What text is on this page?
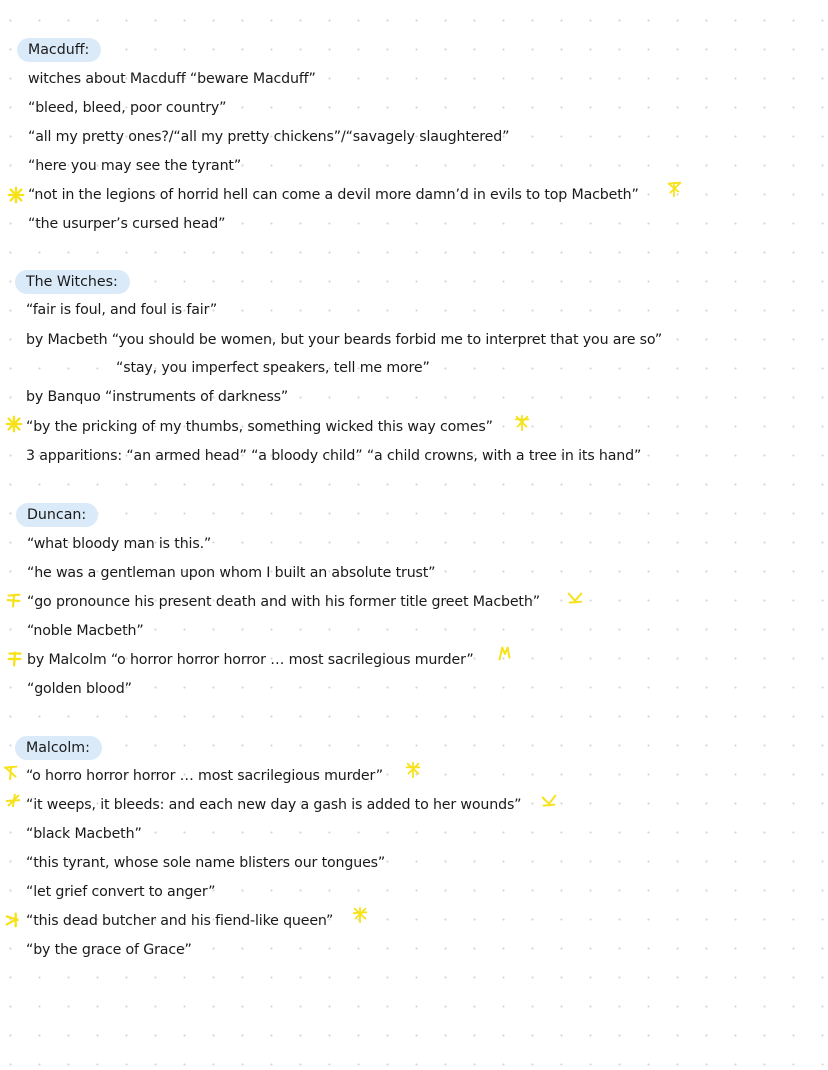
Macduff:
witches about Macduff “beware Macduff”
“bleed, bleed, poor country”
“all my pretty ones?/“all my pretty chickens”/“savagely slaughtered”
“here you may see the tyrant”
“not in the legions of horrid hell can come a devil more damn’d in evils to top Macbeth”
“the usurper’s cursed head”
The Witches:
“fair is foul, and foul is fair”
by Macbeth “you should be women, but your beards forbid me to interpret that you are so”
“stay, you imperfect speakers, tell me more”
by Banquo “instruments of darkness”
“by the pricking of my thumbs, something wicked this way comes”
3 apparitions: “an armed head” “a bloody child” “a child crowns, with a tree in its hand”
Duncan:
“what bloody man is this.”
“he was a gentleman upon whom I built an absolute trust”
“go pronounce his present death and with his former title greet Macbeth”
“noble Macbeth”
by Malcolm “o horror horror horror … most sacrilegious murder”
“golden blood”
Malcolm:
“o horro horror horror … most sacrilegious murder”
“it weeps, it bleeds: and each new day a gash is added to her wounds”
“black Macbeth”
“this tyrant, whose sole name blisters our tongues”
“let grief convert to anger”
“this dead butcher and his fiend-like queen”
“by the grace of Grace”
